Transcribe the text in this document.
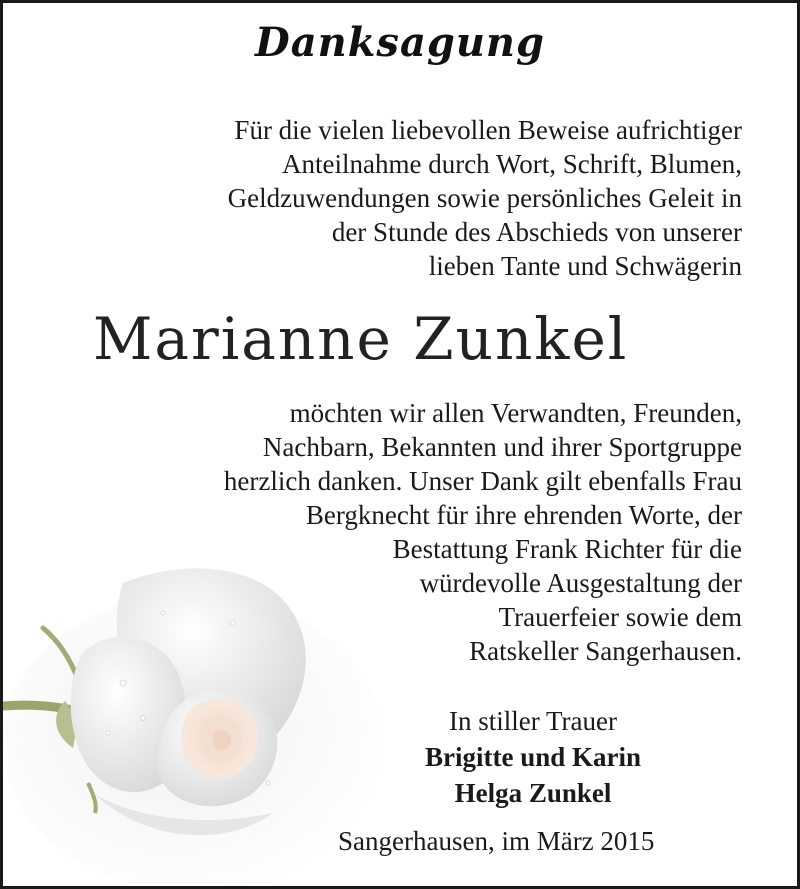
Danksagung
Für die vielen liebevollen Beweise aufrichtiger
Anteilnahme durch Wort, Schrift, Blumen,
Geldzuwendungen sowie persönliches Geleit in
der Stunde des Abschieds von unserer
lieben Tante und Schwägerin
Marianne Zunkel
möchten wir allen Verwandten, Freunden,
Nachbarn, Bekannten und ihrer Sportgruppe
herzlich danken. Unser Dank gilt ebenfalls Frau
Bergknecht für ihre ehrenden Worte, der
Bestattung Frank Richter für die
würdevolle Ausgestaltung der
Trauerfeier sowie dem
Ratskeller Sangerhausen.
In stiller Trauer
Brigitte und Karin
Helga Zunkel
Sangerhausen, im März 2015
